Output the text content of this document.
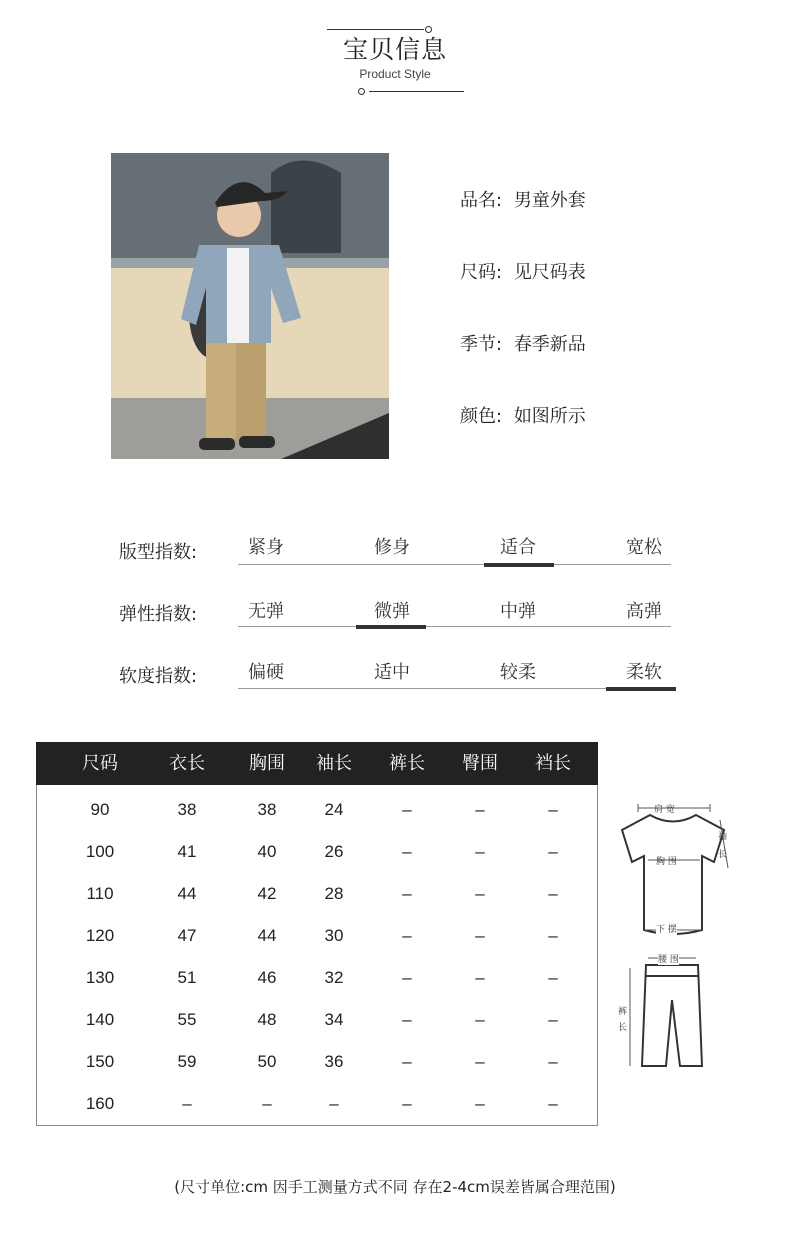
宝贝信息
Product Style
品名: 男童外套
尺码: 见尺码表
季节: 春季新品
颜色: 如图所示
版型指数:	紧身	修身	适合	宽松
弹性指数:	无弹	微弹	中弹	高弹
软度指数:	偏硬	适中	较柔	柔软
尺码	衣长	胸围	袖长	裤长	臀围	裆长
90	38	38	24	–	–	–
100	41	40	26	–	–	–
110	44	42	28	–	–	–
120	47	44	30	–	–	–
130	51	46	32	–	–	–
140	55	48	34	–	–	–
150	59	50	36	–	–	–
160	–	–	–	–	–	–
肩 宽
袖 长
胸 围
下 摆
腰 围
裤 长
(尺寸单位:cm 因手工测量方式不同 存在2-4cm误差皆属合理范围)
